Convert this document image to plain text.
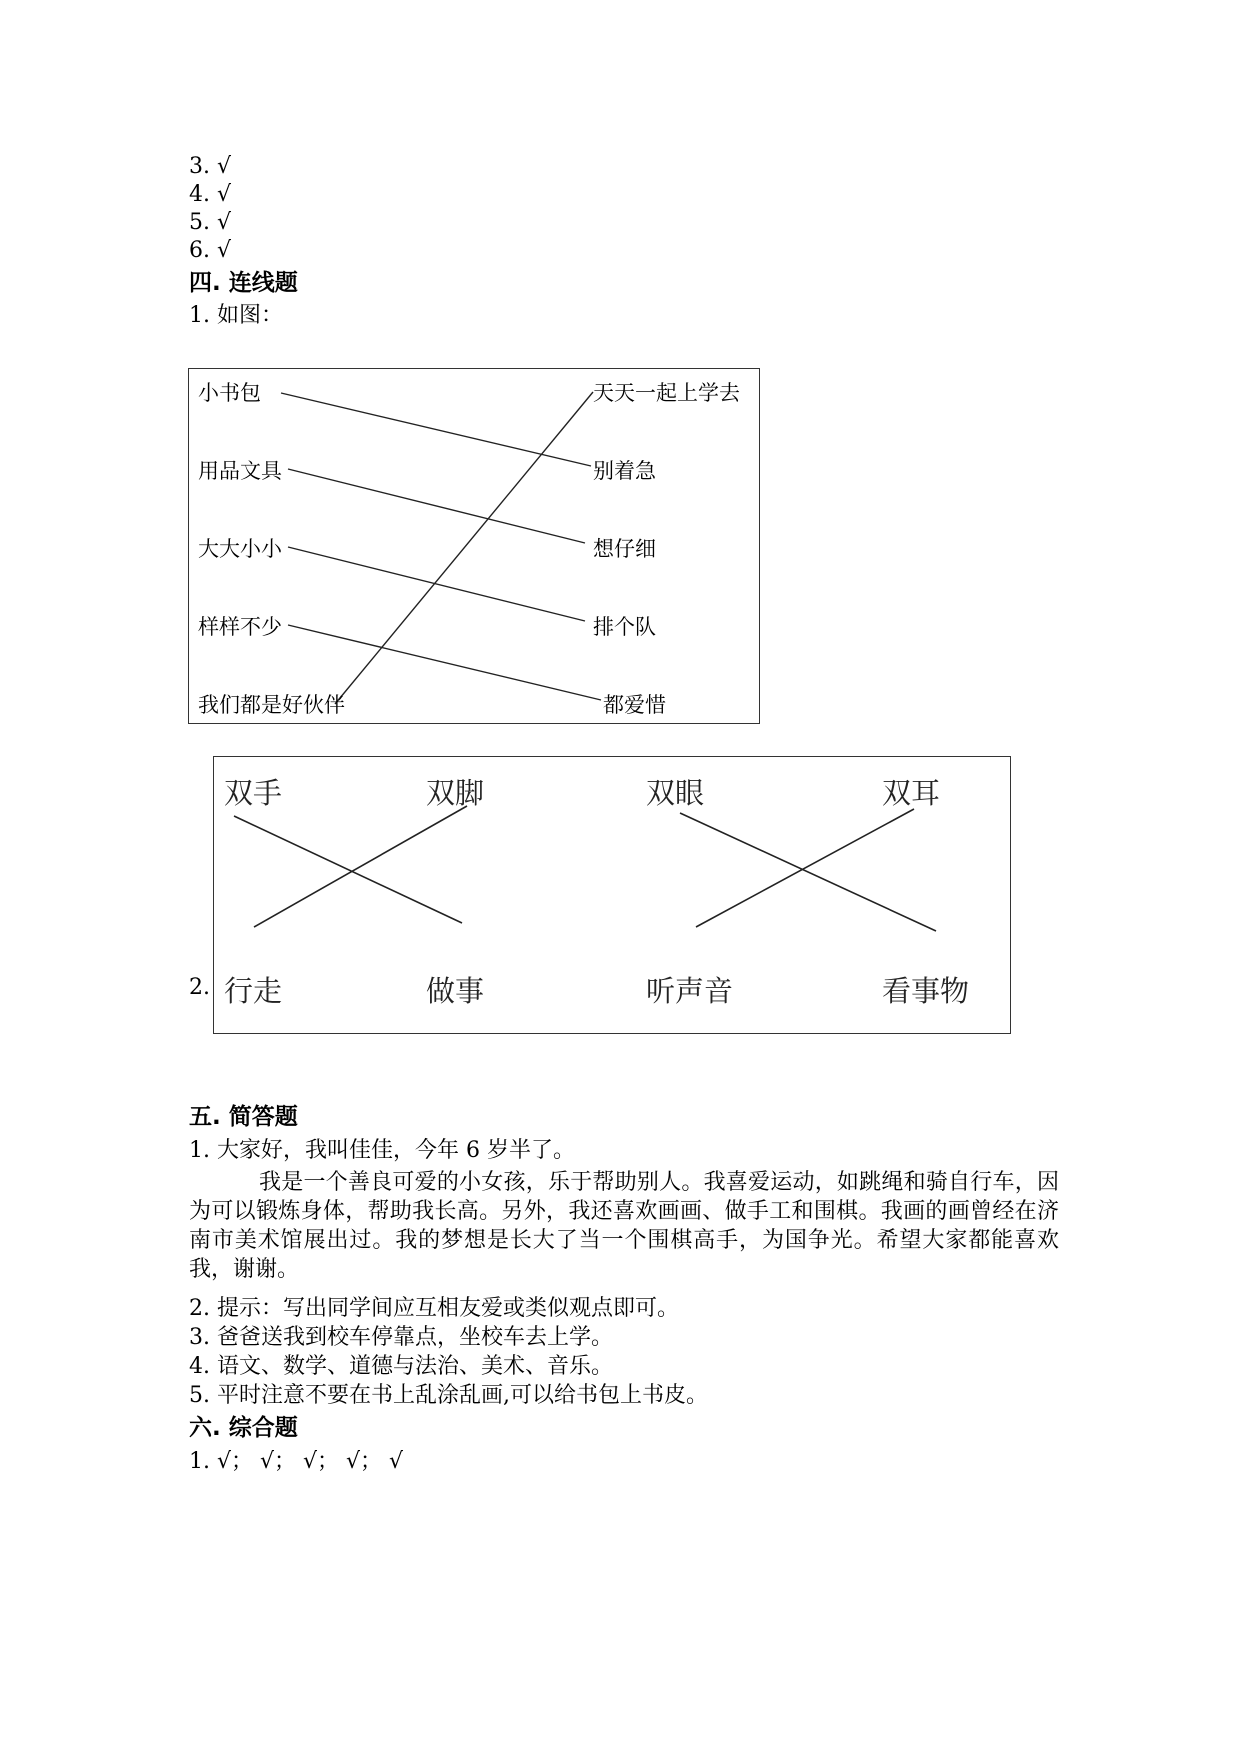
3. √
4. √
5. √
6. √
四. 连线题
1. 如图：
小书包
用品文具
大大小小
样样不少
我们都是好伙伴
天天一起上学去
别着急
想仔细
排个队
都爱惜
2.
双手	双脚	双眼	双耳
行走	做事	听声音	看事物
五. 简答题
1. 大家好，我叫佳佳，今年 6 岁半了。
我是一个善良可爱的小女孩，乐于帮助别人。我喜爱运动，如跳绳和骑自行车，因为可以锻炼身体，帮助我长高。另外，我还喜欢画画、做手工和围棋。我画的画曾经在济南市美术馆展出过。我的梦想是长大了当一个围棋高手，为国争光。希望大家都能喜欢我，谢谢。
2. 提示：写出同学间应互相友爱或类似观点即可。
3. 爸爸送我到校车停靠点，坐校车去上学。
4. 语文、数学、道德与法治、美术、音乐。
5. 平时注意不要在书上乱涂乱画,可以给书包上书皮。
六. 综合题
1. √； √； √； √； √
